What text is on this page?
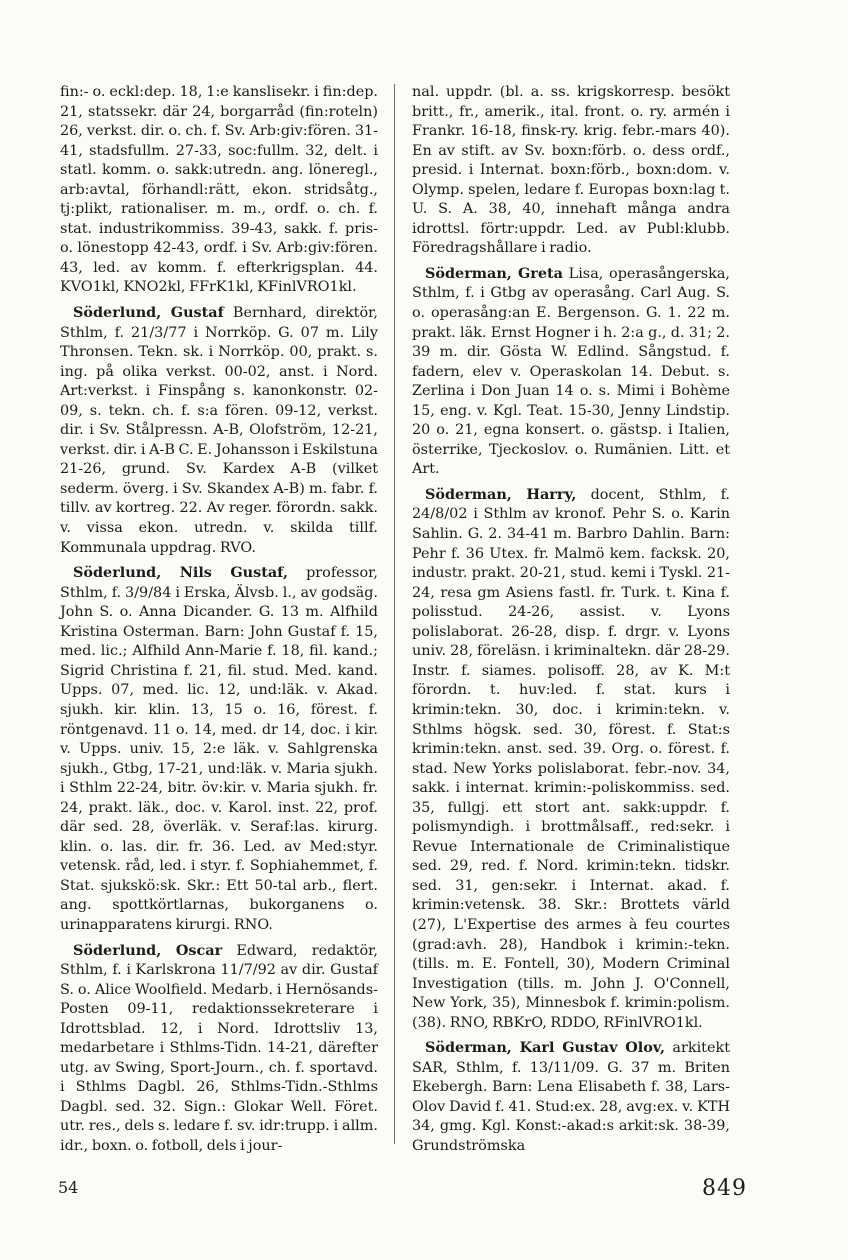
fin:- o. eckl:dep. 18, 1:e kanslisekr. i fin:dep. 21, statssekr. där 24, borgarråd (fin:roteln) 26, verkst. dir. o. ch. f. Sv. Arb:giv:fören. 31-41, stadsfullm. 27-33, soc:fullm. 32, delt. i statl. komm. o. sakk:utredn. ang. löneregl., arb:avtal, förhandl:rätt, ekon. stridsåtg., tj:plikt, rationaliser. m. m., ordf. o. ch. f. stat. industrikommiss. 39-43, sakk. f. pris- o. lönestopp 42-43, ordf. i Sv. Arb:giv:fören. 43, led. av komm. f. efterkrigsplan. 44. KVO1kl, KNO2kl, FFrK1kl, KFinlVRO1kl.

Söderlund, Gustaf Bernhard, direktör, Sthlm, f. 21/3/77 i Norrköp. G. 07 m. Lily Thronsen. Tekn. sk. i Norrköp. 00, prakt. s. ing. på olika verkst. 00-02, anst. i Nord. Art:verkst. i Finspång s. kanonkonstr. 02-09, s. tekn. ch. f. s:a fören. 09-12, verkst. dir. i Sv. Stålpressn. A-B, Olofström, 12-21, verkst. dir. i A-B C. E. Johansson i Eskilstuna 21-26, grund. Sv. Kardex A-B (vilket sederm. överg. i Sv. Skandex A-B) m. fabr. f. tillv. av kortreg. 22. Av reger. förordn. sakk. v. vissa ekon. utredn. v. skilda tillf. Kommunala uppdrag. RVO.

Söderlund, Nils Gustaf, professor, Sthlm, f. 3/9/84 i Erska, Älvsb. l., av godsäg. John S. o. Anna Dicander. G. 13 m. Alfhild Kristina Osterman. Barn: John Gustaf f. 15, med. lic.; Alfhild Ann-Marie f. 18, fil. kand.; Sigrid Christina f. 21, fil. stud. Med. kand. Upps. 07, med. lic. 12, und:läk. v. Akad. sjukh. kir. klin. 13, 15 o. 16, förest. f. röntgenavd. 11 o. 14, med. dr 14, doc. i kir. v. Upps. univ. 15, 2:e läk. v. Sahlgrenska sjukh., Gtbg, 17-21, und:läk. v. Maria sjukh. i Sthlm 22-24, bitr. öv:kir. v. Maria sjukh. fr. 24, prakt. läk., doc. v. Karol. inst. 22, prof. där sed. 28, överläk. v. Seraf:las. kirurg. klin. o. las. dir. fr. 36. Led. av Med:styr. vetensk. råd, led. i styr. f. Sophiahemmet, f. Stat. sjukskö:sk. Skr.: Ett 50-tal arb., flert. ang. spottkörtlarnas, bukorganens o. urinapparatens kirurgi. RNO.

Söderlund, Oscar Edward, redaktör, Sthlm, f. i Karlskrona 11/7/92 av dir. Gustaf S. o. Alice Woolfield. Medarb. i Hernösands-Posten 09-11, redaktionssekreterare i Idrottsblad. 12, i Nord. Idrottsliv 13, medarbetare i Sthlms-Tidn. 14-21, därefter utg. av Swing, Sport-Journ., ch. f. sportavd. i Sthlms Dagbl. 26, Sthlms-Tidn.-Sthlms Dagbl. sed. 32. Sign.: Glokar Well. Föret. utr. res., dels s. ledare f. sv. idr:trupp. i allm. idr., boxn. o. fotboll, dels i jour-

nal. uppdr. (bl. a. ss. krigskorresp. besökt britt., fr., amerik., ital. front. o. ry. armén i Frankr. 16-18, finsk-ry. krig. febr.-mars 40). En av stift. av Sv. boxn:förb. o. dess ordf., presid. i Internat. boxn:förb., boxn:dom. v. Olymp. spelen, ledare f. Europas boxn:lag t. U. S. A. 38, 40, innehaft många andra idrottsl. förtr:uppdr. Led. av Publ:klubb. Föredragshållare i radio.

Söderman, Greta Lisa, operasångerska, Sthlm, f. i Gtbg av operasång. Carl Aug. S. o. operasång:an E. Bergenson. G. 1. 22 m. prakt. läk. Ernst Hogner i h. 2:a g., d. 31; 2. 39 m. dir. Gösta W. Edlind. Sångstud. f. fadern, elev v. Operaskolan 14. Debut. s. Zerlina i Don Juan 14 o. s. Mimi i Bohème 15, eng. v. Kgl. Teat. 15-30, Jenny Lindstip. 20 o. 21, egna konsert. o. gästsp. i Italien, österrike, Tjeckoslov. o. Rumänien. Litt. et Art.

Söderman, Harry, docent, Sthlm, f. 24/8/02 i Sthlm av kronof. Pehr S. o. Karin Sahlin. G. 2. 34-41 m. Barbro Dahlin. Barn: Pehr f. 36 Utex. fr. Malmö kem. facksk. 20, industr. prakt. 20-21, stud. kemi i Tyskl. 21-24, resa gm Asiens fastl. fr. Turk. t. Kina f. polisstud. 24-26, assist. v. Lyons polislaborat. 26-28, disp. f. drgr. v. Lyons univ. 28, föreläsn. i kriminaltekn. där 28-29. Instr. f. siames. polisoff. 28, av K. M:t förordn. t. huv:led. f. stat. kurs i krimin:tekn. 30, doc. i krimin:tekn. v. Sthlms högsk. sed. 30, förest. f. Stat:s krimin:tekn. anst. sed. 39. Org. o. förest. f. stad. New Yorks polislaborat. febr.-nov. 34, sakk. i internat. krimin:-poliskommiss. sed. 35, fullgj. ett stort ant. sakk:uppdr. f. polismyndigh. i brottmålsaff., red:sekr. i Revue Internationale de Criminalistique sed. 29, red. f. Nord. krimin:tekn. tidskr. sed. 31, gen:sekr. i Internat. akad. f. krimin:vetensk. 38. Skr.: Brottets värld (27), L'Expertise des armes à feu courtes (grad:avh. 28), Handbok i krimin:-tekn. (tills. m. E. Fontell, 30), Modern Criminal Investigation (tills. m. John J. O'Connell, New York, 35), Minnesbok f. krimin:polism. (38). RNO, RBKrO, RDDO, RFinlVRO1kl.

Söderman, Karl Gustav Olov, arkitekt SAR, Sthlm, f. 13/11/09. G. 37 m. Briten Ekebergh. Barn: Lena Elisabeth f. 38, Lars-Olov David f. 41. Stud:ex. 28, avg:ex. v. KTH 34, gmg. Kgl. Konst:-akad:s arkit:sk. 38-39, Grundströmska

54	849
